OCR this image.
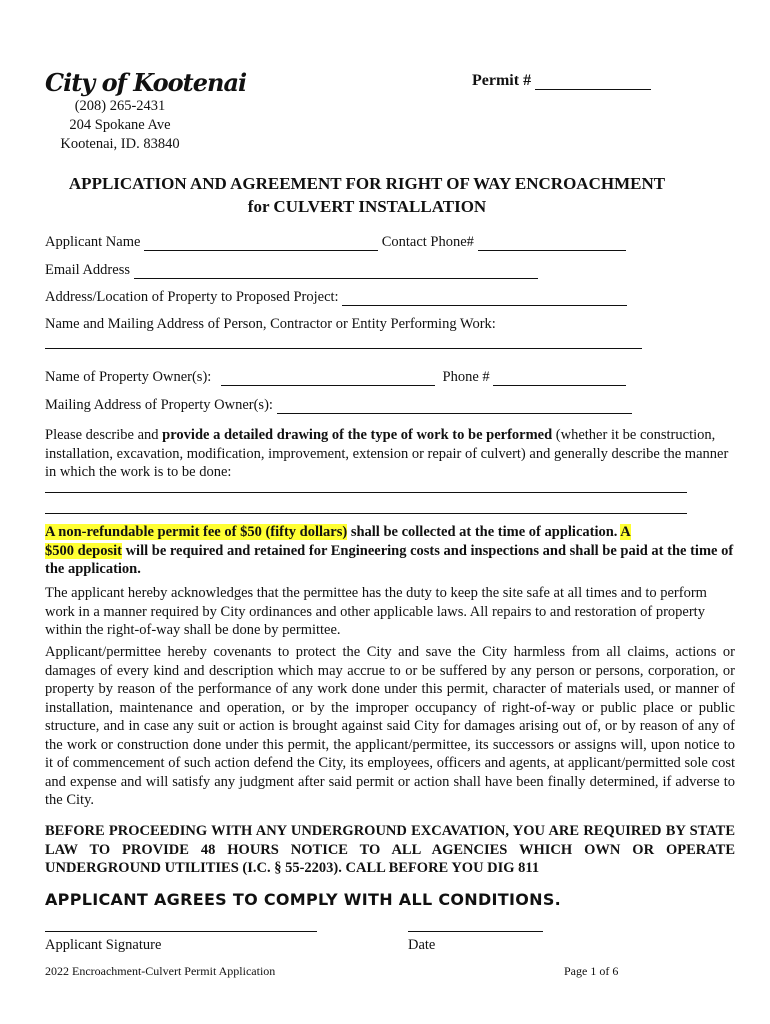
City of Kootenai	Permit #
(208) 265-2431
204 Spokane Ave
Kootenai, ID. 83840
APPLICATION AND AGREEMENT FOR RIGHT OF WAY ENCROACHMENT
for CULVERT INSTALLATION
Applicant Name	Contact Phone#
Email Address
Address/Location of Property to Proposed Project:
Name and Mailing Address of Person, Contractor or Entity Performing Work:
Name of Property Owner(s):	Phone #
Mailing Address of Property Owner(s):
Please describe and provide a detailed drawing of the type of work to be performed (whether it be construction, installation, excavation, modification, improvement, extension or repair of culvert) and generally describe the manner in which the work is to be done:
A non-refundable permit fee of $50 (fifty dollars) shall be collected at the time of application. A
$500 deposit will be required and retained for Engineering costs and inspections and shall be paid at the time of the application.
The applicant hereby acknowledges that the permittee has the duty to keep the site safe at all times and to perform work in a manner required by City ordinances and other applicable laws. All repairs to and restoration of property within the right-of-way shall be done by permittee.
Applicant/permittee hereby covenants to protect the City and save the City harmless from all claims, actions or damages of every kind and description which may accrue to or be suffered by any person or persons, corporation, or property by reason of the performance of any work done under this permit, character of materials used, or manner of installation, maintenance and operation, or by the improper occupancy of right-of-way or public place or public structure, and in case any suit or action is brought against said City for damages arising out of, or by reason of any of the work or construction done under this permit, the applicant/permittee, its successors or assigns will, upon notice to it of commencement of such action defend the City, its employees, officers and agents, at applicant/permitted sole cost and expense and will satisfy any judgment after said permit or action shall have been finally determined, if adverse to the City.
BEFORE PROCEEDING WITH ANY UNDERGROUND EXCAVATION, YOU ARE REQUIRED BY STATE LAW TO PROVIDE 48 HOURS NOTICE TO ALL AGENCIES WHICH OWN OR OPERATE UNDERGROUND UTILITIES (I.C. § 55-2203). CALL BEFORE YOU DIG 811
APPLICANT AGREES TO COMPLY WITH ALL CONDITIONS.
Applicant Signature	Date
2022 Encroachment-Culvert Permit Application	Page 1 of 6
